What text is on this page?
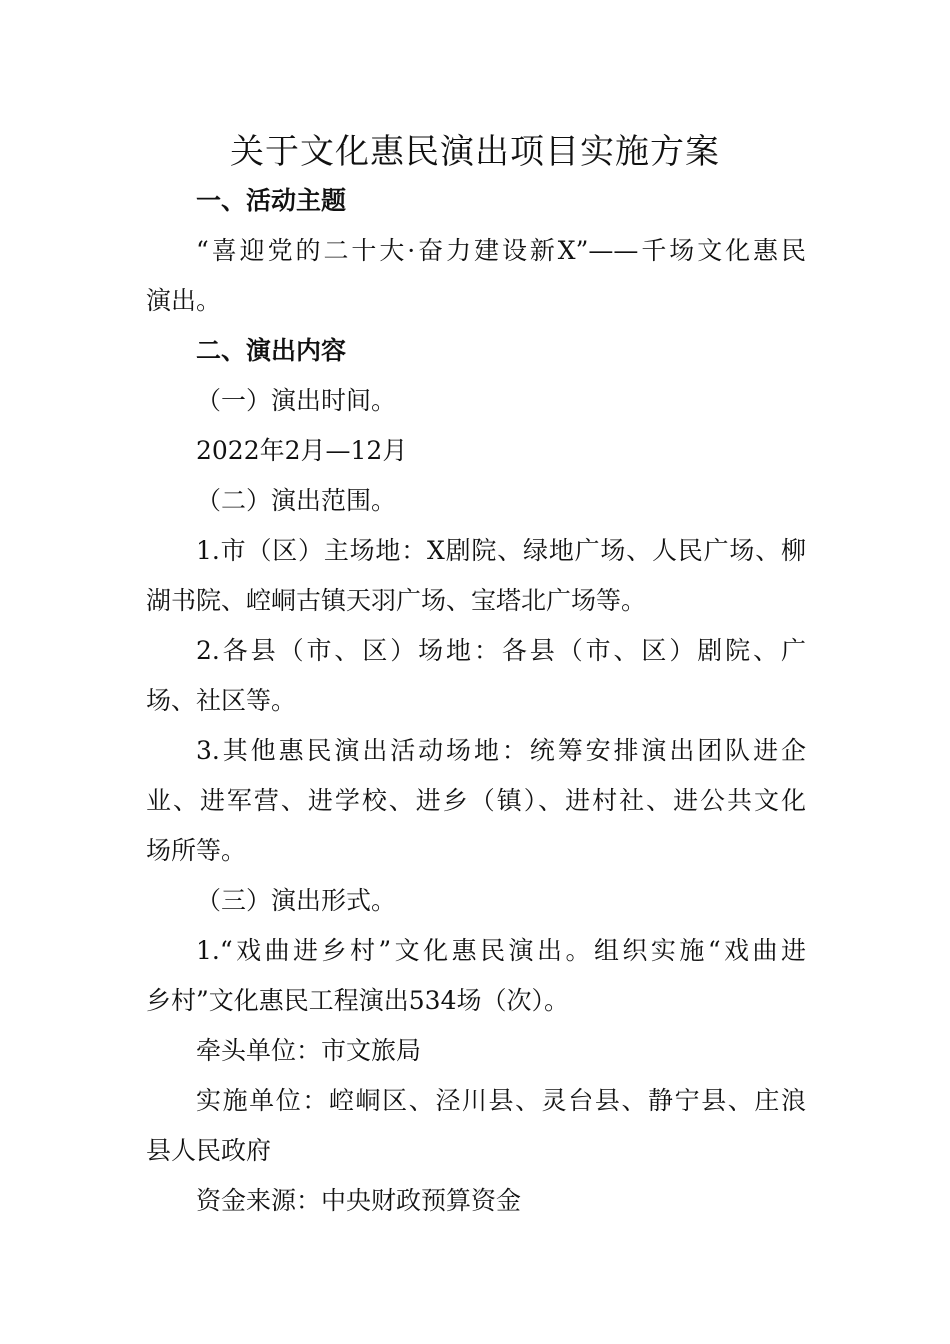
关于文化惠民演出项目实施方案

一、活动主题

“喜迎党的二十大·奋力建设新X”——千场文化惠民

演出。

二、演出内容

（一）演出时间。

2022年2月—12月

（二）演出范围。

1.市（区）主场地：X剧院、绿地广场、人民广场、柳

湖书院、崆峒古镇天羽广场、宝塔北广场等。

2.各县（市、区）场地：各县（市、区）剧院、广

场、社区等。

3.其他惠民演出活动场地：统筹安排演出团队进企

业、进军营、进学校、进乡（镇）、进村社、进公共文化

场所等。

（三）演出形式。

1.“戏曲进乡村”文化惠民演出。组织实施“戏曲进

乡村”文化惠民工程演出534场（次）。

牵头单位：市文旅局

实施单位：崆峒区、泾川县、灵台县、静宁县、庄浪

县人民政府

资金来源：中央财政预算资金
